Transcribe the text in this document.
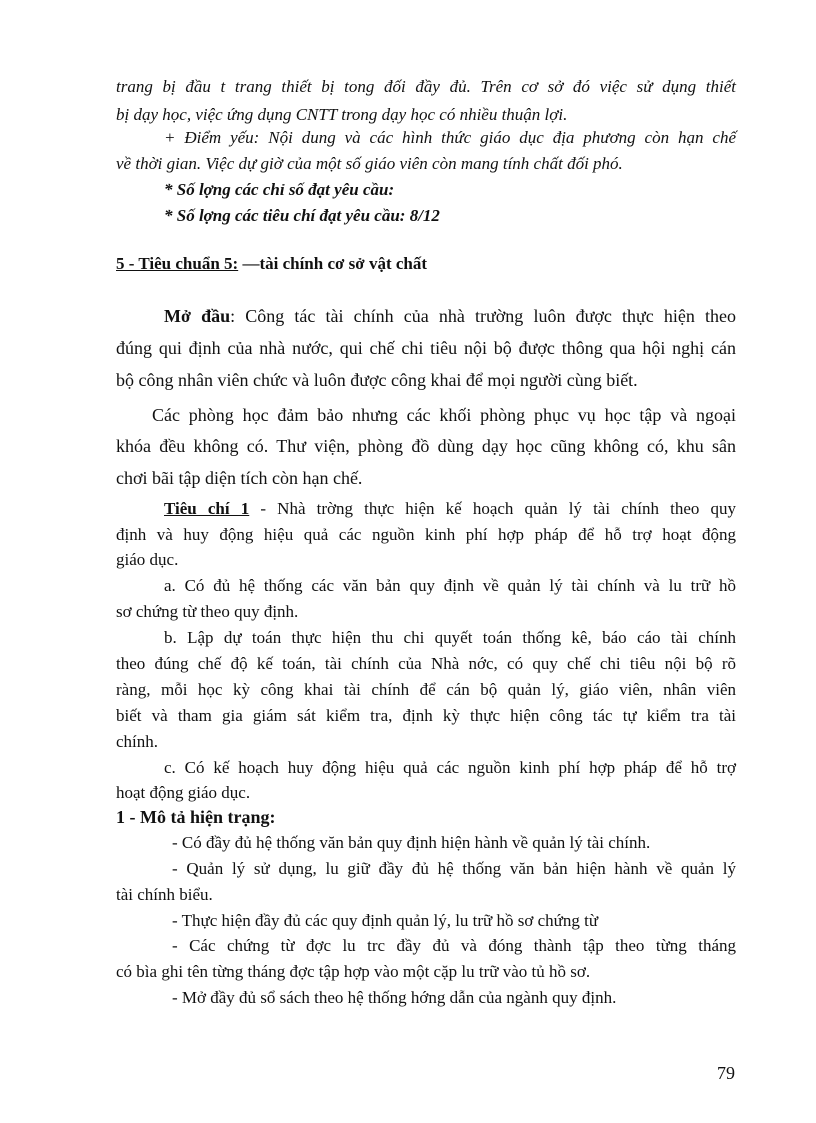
trang bị đầu t trang thiết bị tong đối đầy đủ. Trên cơ sở đó việc sử dụng thiết
bị dạy học, việc ứng dụng CNTT trong dạy học có nhiều thuận lợi.
+ Điểm yếu: Nội dung và các hình thức giáo dục địa phương còn hạn chế
về thời gian. Việc dự giờ của một số giáo viên còn mang tính chất đối phó.
* Số lợng các chỉ số đạt yêu cầu:
* Số lợng các tiêu chí đạt yêu cầu: 8/12
5 - Tiêu chuẩn 5: —tài chính cơ sở vật chất
Mở đầu: Công tác tài chính của nhà trường luôn được thực hiện theo
đúng qui định của nhà nước, qui chế chi tiêu nội bộ được thông qua hội nghị cán
bộ công nhân viên chức và luôn được công khai để mọi người cùng biết.
Các phòng học đảm bảo nhưng các khối phòng phục vụ học tập và ngoại
khóa đều không có. Thư viện, phòng đồ dùng dạy học cũng không có, khu sân
chơi bãi tập diện tích còn hạn chế.
Tiêu chí 1 - Nhà trờng thực hiện kế hoạch quản lý tài chính theo quy
định và huy động hiệu quả các nguồn kinh phí hợp pháp để hỗ trợ hoạt động
giáo dục.
a. Có đủ hệ thống các văn bản quy định về quản lý tài chính và lu trữ hồ
sơ chứng từ theo quy định.
b. Lập dự toán thực hiện thu chi quyết toán thống kê, báo cáo tài chính
theo đúng chế độ kế toán, tài chính của Nhà nớc, có quy chế chi tiêu nội bộ rõ
ràng, mỗi học kỳ công khai tài chính để cán bộ quản lý, giáo viên, nhân viên
biết và tham gia giám sát kiểm tra, định kỳ thực hiện công tác tự kiểm tra tài
chính.
c. Có kế hoạch huy động hiệu quả các nguồn kinh phí hợp pháp để hỗ trợ
hoạt động giáo dục.
1 - Mô tả hiện trạng:
- Có đầy đủ hệ thống văn bản quy định hiện hành về quản lý tài chính.
- Quản lý sử dụng, lu giữ đầy đủ hệ thống văn bản hiện hành về quản lý
tài chính biểu.
- Thực hiện đầy đủ các quy định quản lý, lu trữ hồ sơ chứng từ
- Các chứng từ đợc lu trc đầy đủ và đóng thành tập theo từng tháng
có bìa ghi tên từng tháng đợc tập hợp vào một cặp lu trữ vào tủ hồ sơ.
- Mở đầy đủ sổ sách theo hệ thống hớng dẫn của ngành quy định.
79
